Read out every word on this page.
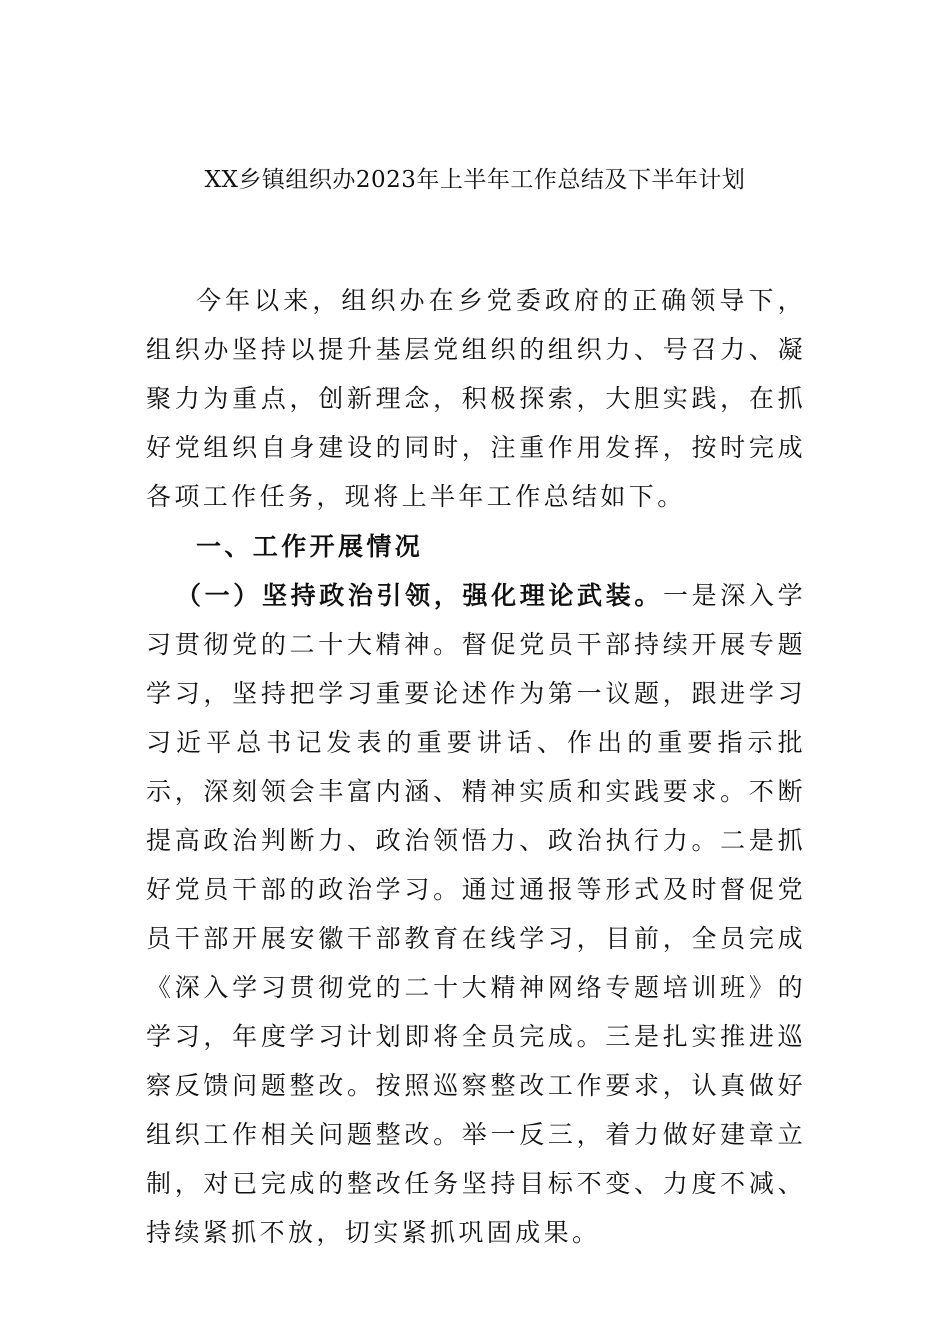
XX乡镇组织办2023年上半年工作总结及下半年计划

今年以来，组织办在乡党委政府的正确领导下，组织办坚持以提升基层党组织的组织力、号召力、凝聚力为重点，创新理念，积极探索，大胆实践，在抓好党组织自身建设的同时，注重作用发挥，按时完成各项工作任务，现将上半年工作总结如下。

一、工作开展情况

（一）坚持政治引领，强化理论武装。一是深入学习贯彻党的二十大精神。督促党员干部持续开展专题学习，坚持把学习重要论述作为第一议题，跟进学习习近平总书记发表的重要讲话、作出的重要指示批示，深刻领会丰富内涵、精神实质和实践要求。不断提高政治判断力、政治领悟力、政治执行力。二是抓好党员干部的政治学习。通过通报等形式及时督促党员干部开展安徽干部教育在线学习，目前，全员完成《深入学习贯彻党的二十大精神网络专题培训班》的学习，年度学习计划即将全员完成。三是扎实推进巡察反馈问题整改。按照巡察整改工作要求，认真做好组织工作相关问题整改。举一反三，着力做好建章立制，对已完成的整改任务坚持目标不变、力度不减、持续紧抓不放，切实紧抓巩固成果。
